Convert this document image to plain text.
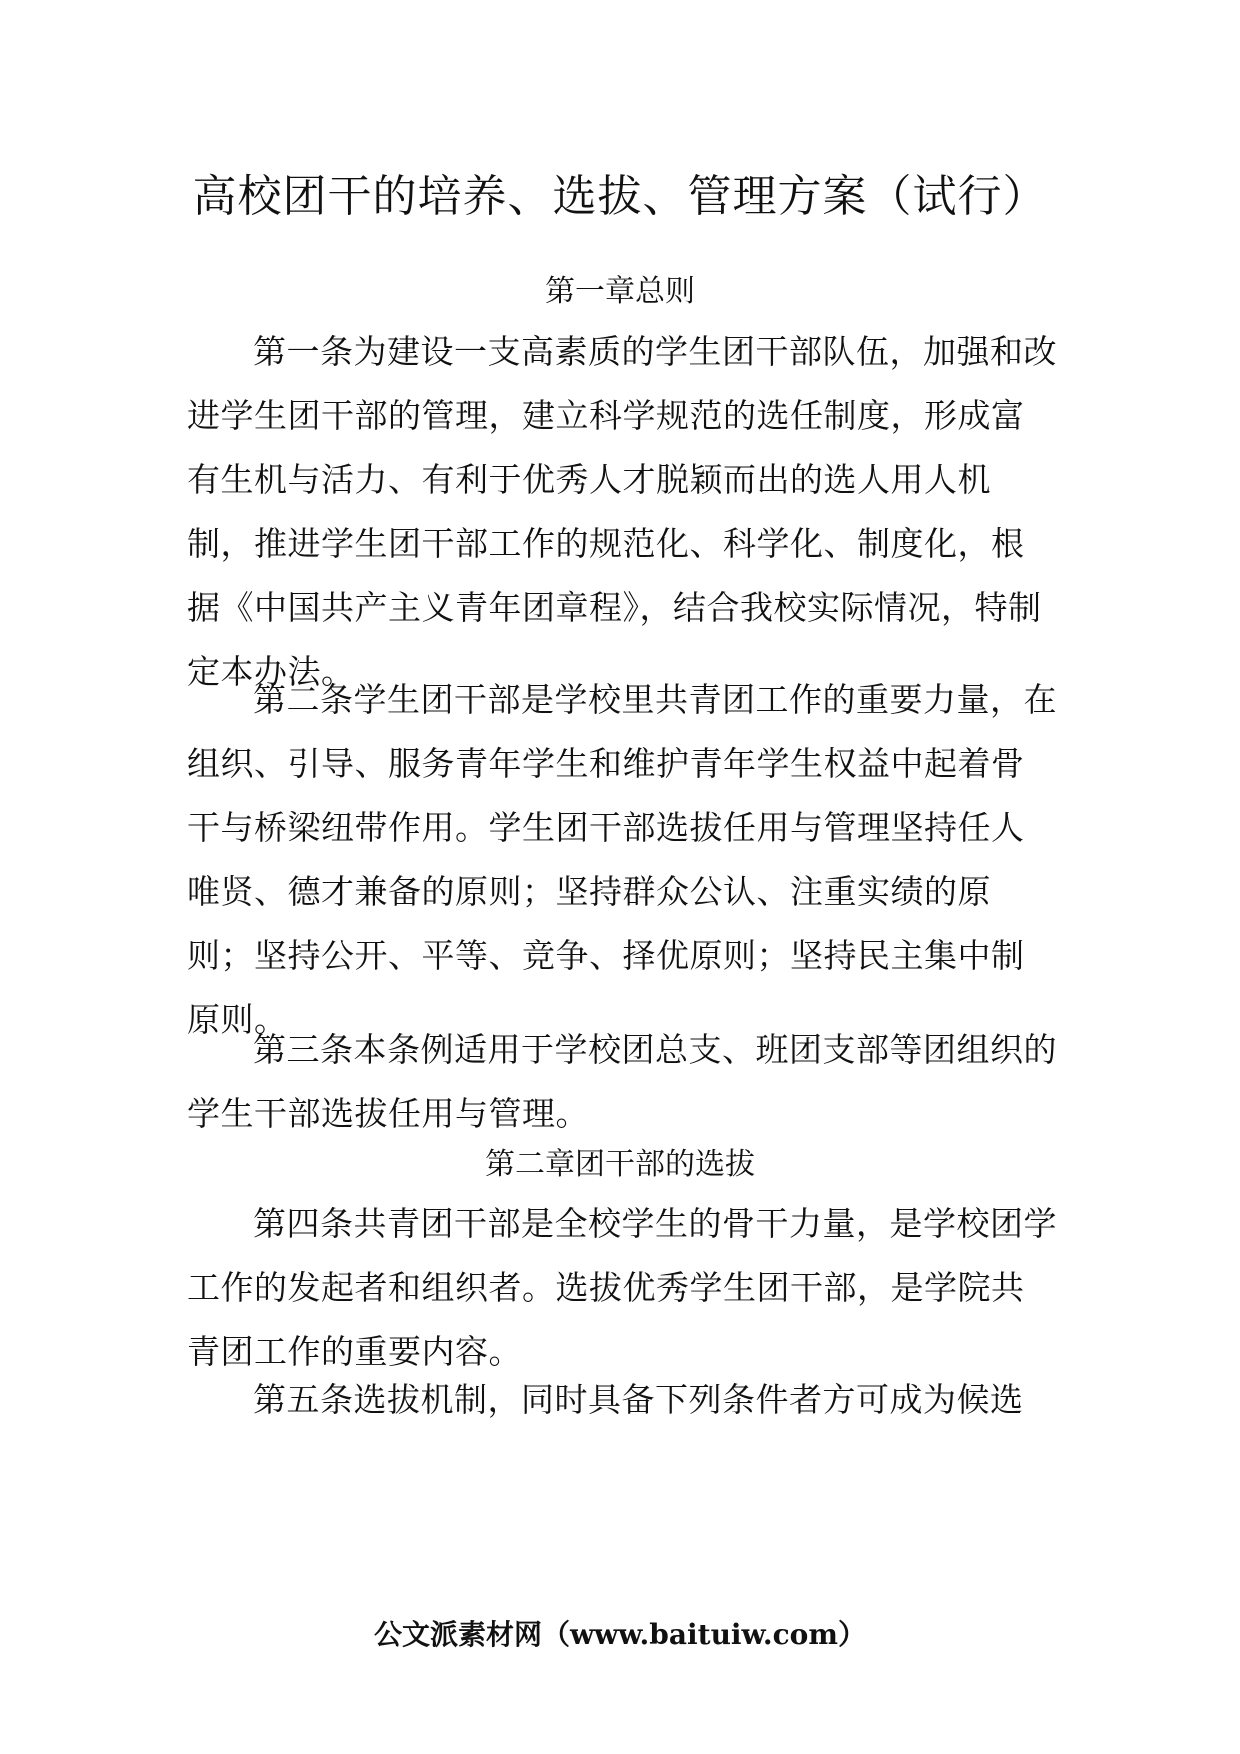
高校团干的培养、选拔、管理方案（试行）
第一章总则

第一条为建设一支高素质的学生团干部队伍，加强和改进学生团干部的管理，建立科学规范的选任制度，形成富有生机与活力、有利于优秀人才脱颖而出的选人用人机制，推进学生团干部工作的规范化、科学化、制度化，根据《中国共产主义青年团章程》，结合我校实际情况，特制定本办法。

第二条学生团干部是学校里共青团工作的重要力量，在组织、引导、服务青年学生和维护青年学生权益中起着骨干与桥梁纽带作用。学生团干部选拔任用与管理坚持任人唯贤、德才兼备的原则；坚持群众公认、注重实绩的原则；坚持公开、平等、竞争、择优原则；坚持民主集中制原则。

第三条本条例适用于学校团总支、班团支部等团组织的学生干部选拔任用与管理。

第二章团干部的选拔

第四条共青团干部是全校学生的骨干力量，是学校团学工作的发起者和组织者。选拔优秀学生团干部，是学院共青团工作的重要内容。

第五条选拔机制，同时具备下列条件者方可成为候选

公文派素材网（www.baituiw.com）
